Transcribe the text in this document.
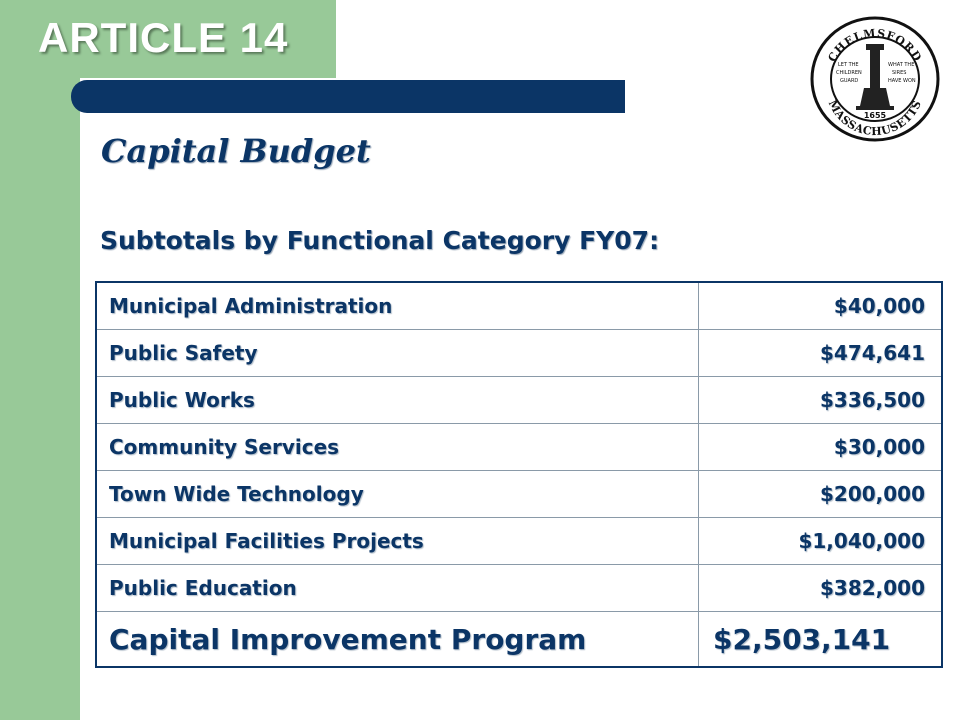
ARTICLE 14	CHELMSFORD
MASSACHUSETTS
LET THE
CHILDREN
GUARD
WHAT THE
SIRES
HAVE WON
1655
Capital Budget
Subtotals by Functional Category FY07:
Municipal Administration	$40,000
Public Safety	$474,641
Public Works	$336,500
Community Services	$30,000
Town Wide Technology	$200,000
Municipal Facilities Projects	$1,040,000
Public Education	$382,000
Capital Improvement Program	$2,503,141
